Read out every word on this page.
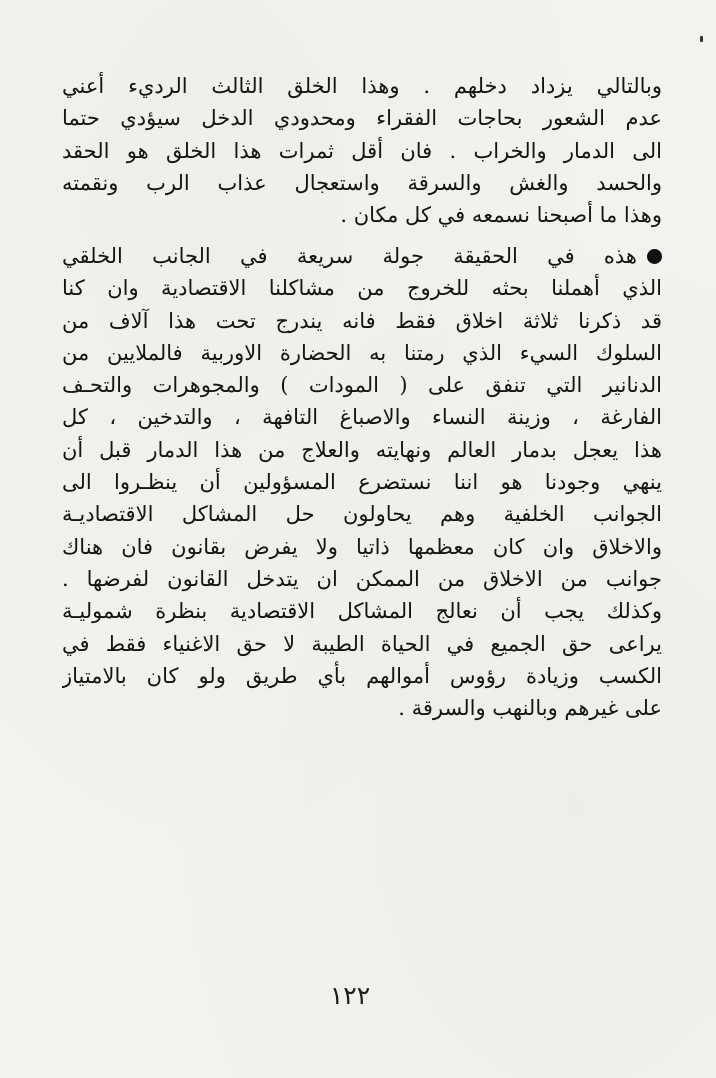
وبالتالي يزداد دخلهم . وهذا الخلق الثالث الرديء أعني
عدم الشعور بحاجات الفقراء ومحدودي الدخل سيؤدي حتما
الى الدمار والخراب . فان أقل ثمرات هذا الخلق هو الحقد
والحسد والغش والسرقة واستعجال عذاب الرب ونقمته
وهذا ما أصبحنا نسمعه في كل مكان .
هذه في الحقيقة جولة سريعة في الجانب الخلقي
الذي أهملنا بحثه للخروج من مشاكلنا الاقتصادية وان كنا
قد ذكرنا ثلاثة اخلاق فقط فانه يندرج تحت هذا آلاف من
السلوك السيء الذي رمتنا به الحضارة الاوربية فالملايين من
الدنانير التي تنفق على ( المودات ) والمجوهرات والتحـف
الفارغة ، وزينة النساء والاصباغ التافهة ، والتدخين ، كل
هذا يعجل بدمار العالم ونهايته والعلاج من هذا الدمار قبل أن
ينهي وجودنا هو اننا نستضرع المسؤولين أن ينظـروا الى
الجوانب الخلفية وهم يحاولون حل المشاكل الاقتصاديـة
والاخلاق وان كان معظمها ذاتيا ولا يفرض بقانون فان هناك
جوانب من الاخلاق من الممكن ان يتدخل القانون لفرضها .
وكذلك يجب أن نعالج المشاكل الاقتصادية بنظرة شموليـة
يراعى حق الجميع في الحياة الطيبة لا حق الاغنياء فقط في
الكسب وزيادة رؤوس أموالهم بأي طريق ولو كان بالامتياز
على غيرهم وبالنهب والسرقة .
١٢٢
